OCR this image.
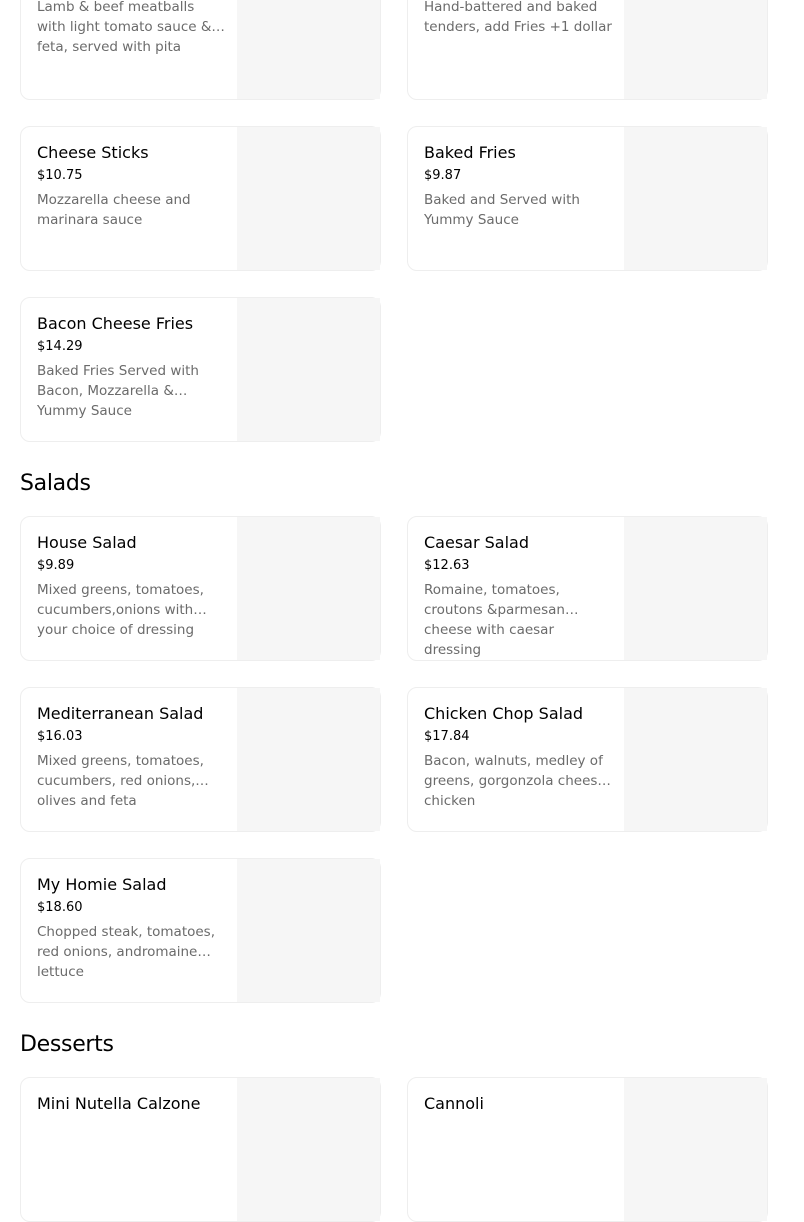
Lamb & beef meatballs with light tomato sauce & feta, served with pita
Hand-battered and baked tenders, add Fries +1 dollar
Cheese Sticks
$10.75
Mozzarella cheese and marinara sauce
Baked Fries
$9.87
Baked and Served with Yummy Sauce
Bacon Cheese Fries
$14.29
Baked Fries Served with Bacon, Mozzarella & Yummy Sauce
Salads
House Salad
$9.89
Mixed greens, tomatoes, cucumbers,onions with your choice of dressing
Caesar Salad
$12.63
Romaine, tomatoes, croutons &parmesan cheese with caesar dressing
Mediterranean Salad
$16.03
Mixed greens, tomatoes, cucumbers, red onions, olives and feta
Chicken Chop Salad
$17.84
Bacon, walnuts, medley of greens, gorgonzola cheese, chicken
My Homie Salad
$18.60
Chopped steak, tomatoes, red onions, andromaine lettuce
Desserts
Mini Nutella Calzone	Cannoli
